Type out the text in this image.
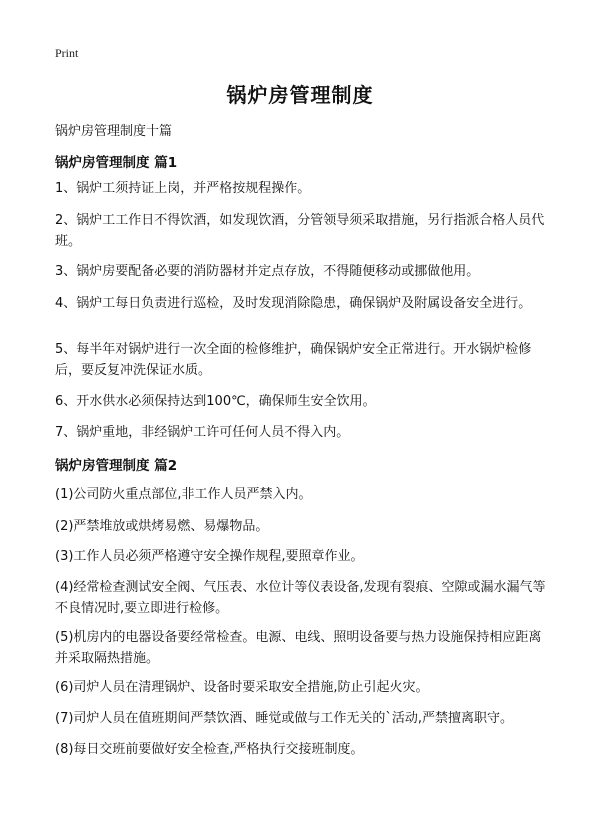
Print
锅炉房管理制度

锅炉房管理制度十篇

锅炉房管理制度 篇1

1、锅炉工须持证上岗，并严格按规程操作。

2、锅炉工工作日不得饮酒，如发现饮酒，分管领导须采取措施，另行指派合格人员代班。

3、锅炉房要配备必要的消防器材并定点存放，不得随便移动或挪做他用。

4、锅炉工每日负责进行巡检，及时发现消除隐患，确保锅炉及附属设备安全进行。

5、每半年对锅炉进行一次全面的检修维护，确保锅炉安全正常进行。开水锅炉检修后，要反复冲洗保证水质。

6、开水供水必须保持达到100℃，确保师生安全饮用。

7、锅炉重地，非经锅炉工许可任何人员不得入内。

锅炉房管理制度 篇2

(1)公司防火重点部位,非工作人员严禁入内。

(2)严禁堆放或烘烤易燃、易爆物品。

(3)工作人员必须严格遵守安全操作规程,要照章作业。

(4)经常检查测试安全阀、气压表、水位计等仪表设备,发现有裂痕、空隙或漏水漏气等不良情况时,要立即进行检修。

(5)机房内的电器设备要经常检查。电源、电线、照明设备要与热力设施保持相应距离并采取隔热措施。

(6)司炉人员在清理锅炉、设备时要采取安全措施,防止引起火灾。

(7)司炉人员在值班期间严禁饮酒、睡觉或做与工作无关的`活动,严禁擅离职守。

(8)每日交班前要做好安全检查,严格执行交接班制度。
